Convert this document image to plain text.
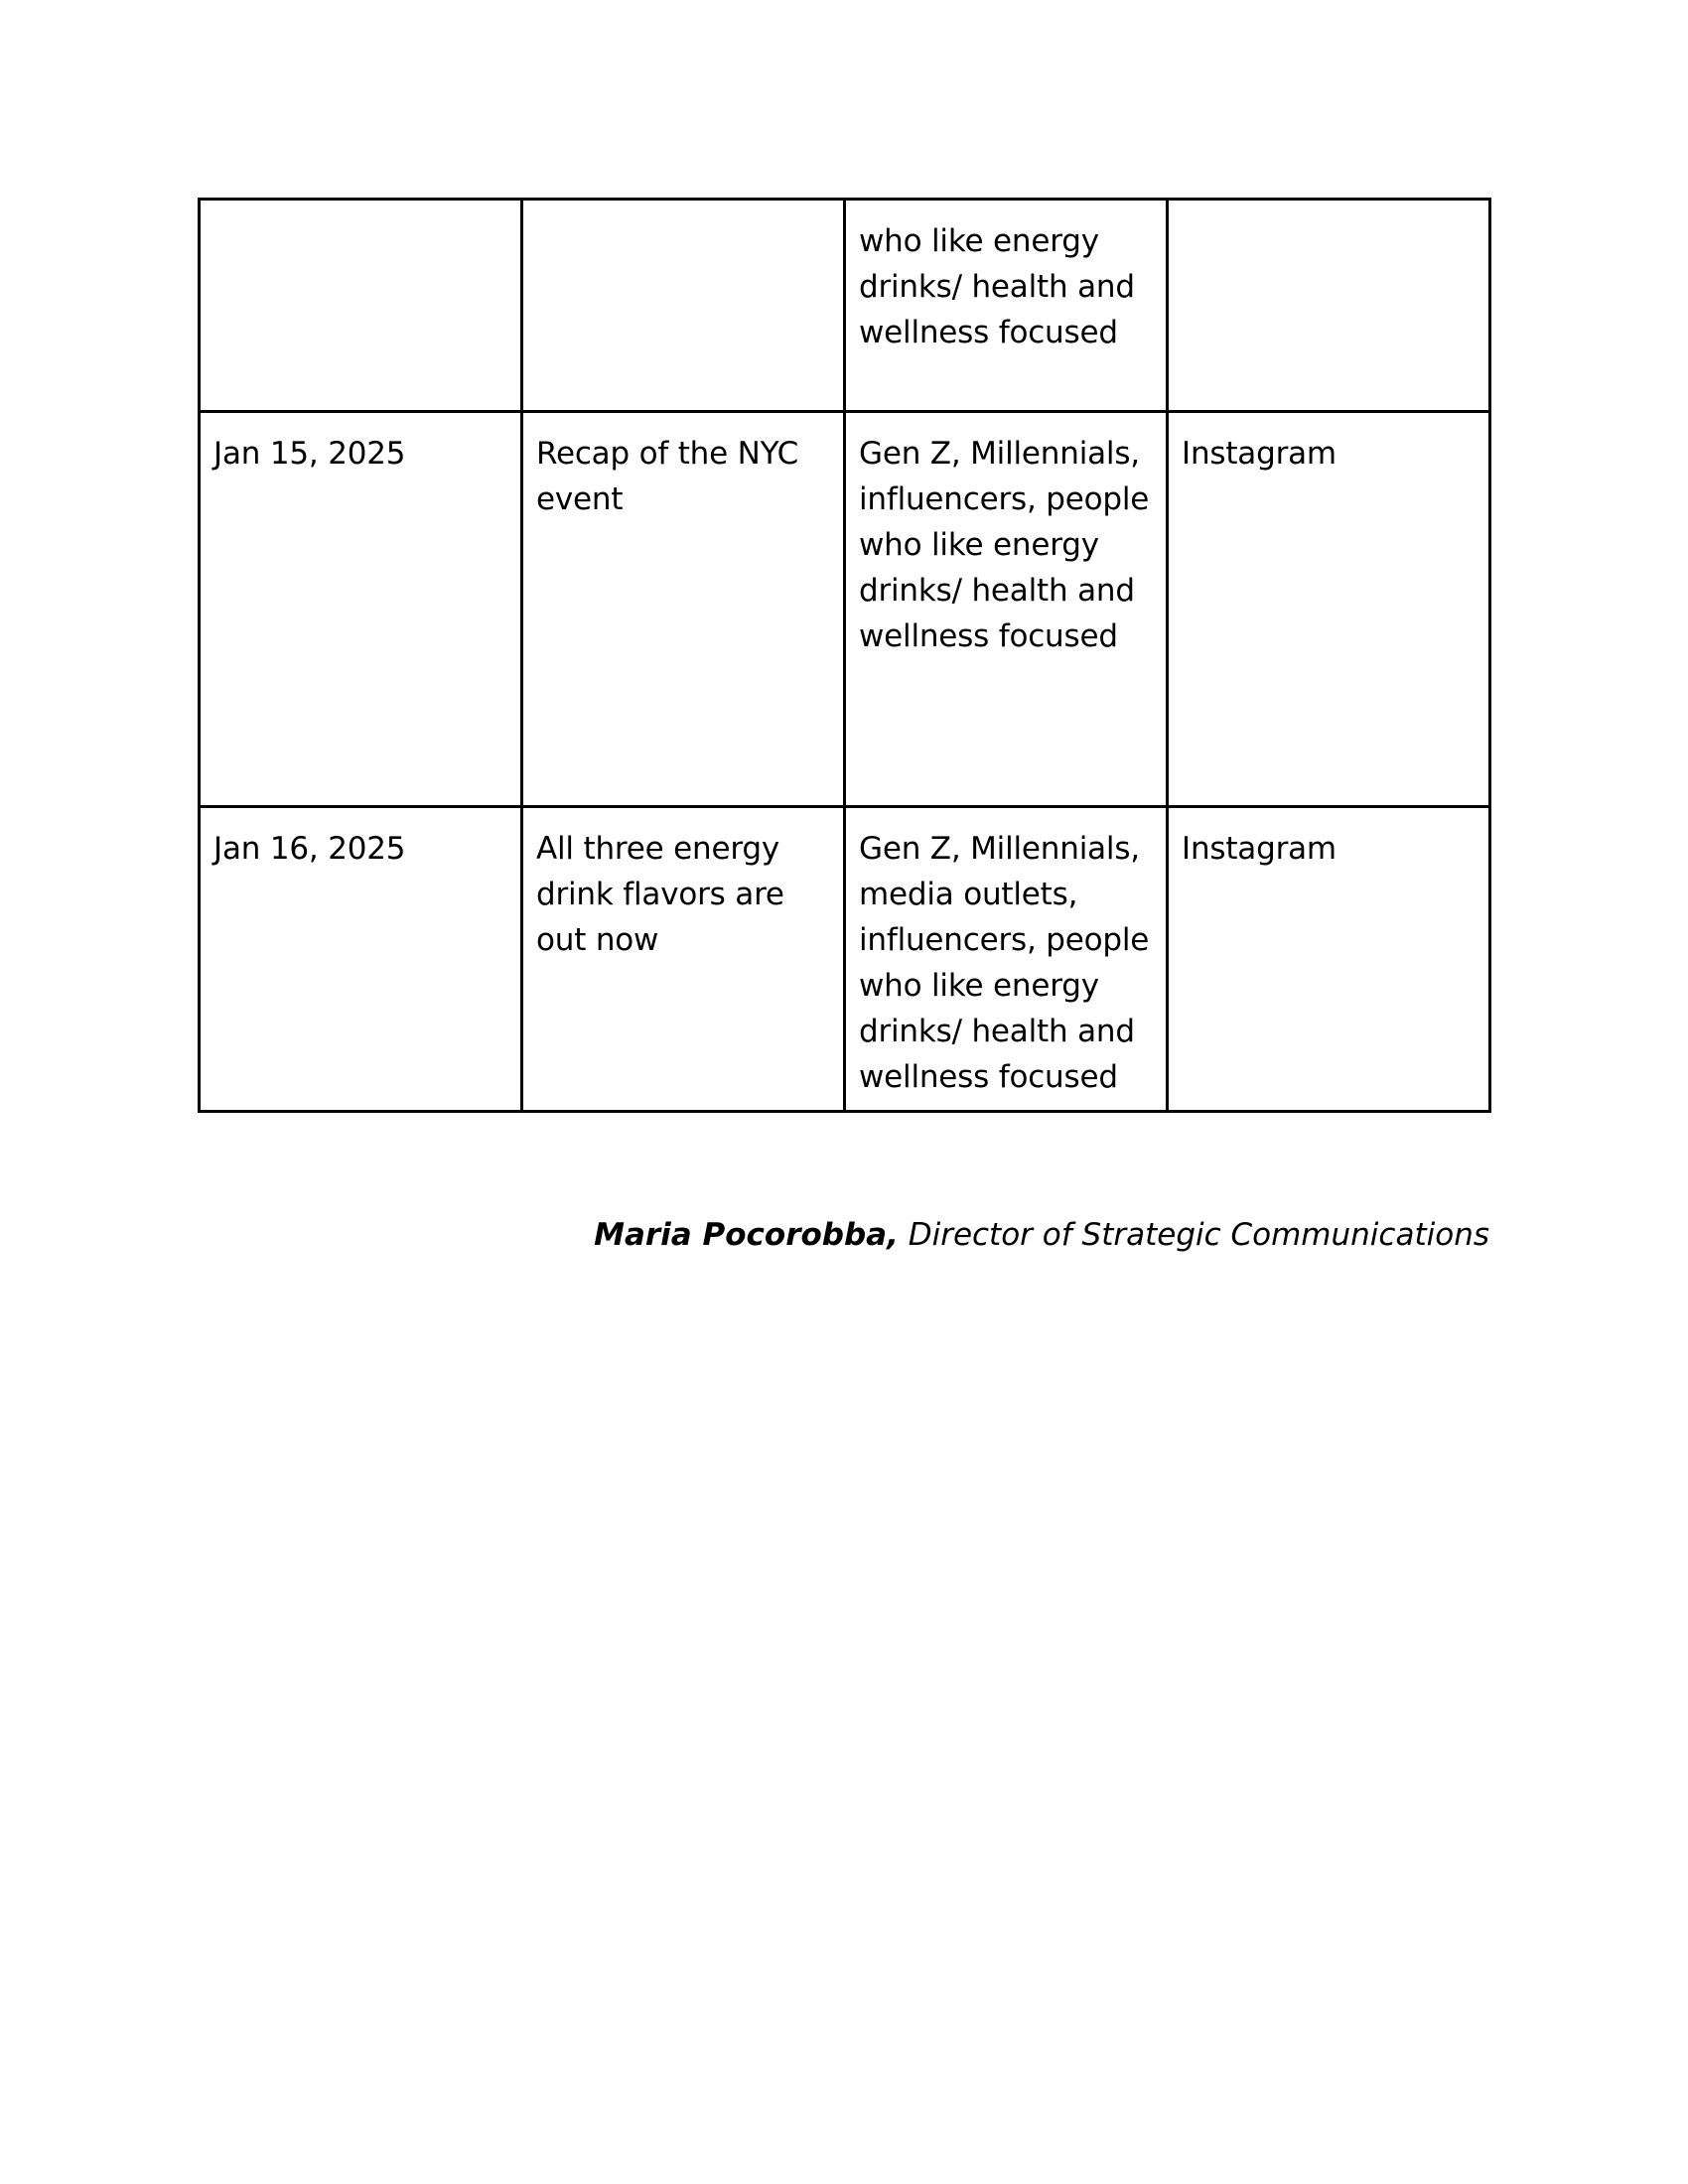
		who like energy drinks/ health and wellness focused	
Jan 15, 2025	Recap of the NYC event	Gen Z, Millennials, influencers, people who like energy drinks/ health and wellness focused	Instagram
Jan 16, 2025	All three energy drink flavors are out now	Gen Z, Millennials, media outlets, influencers, people who like energy drinks/ health and wellness focused	Instagram
Maria Pocorobba, Director of Strategic Communications
